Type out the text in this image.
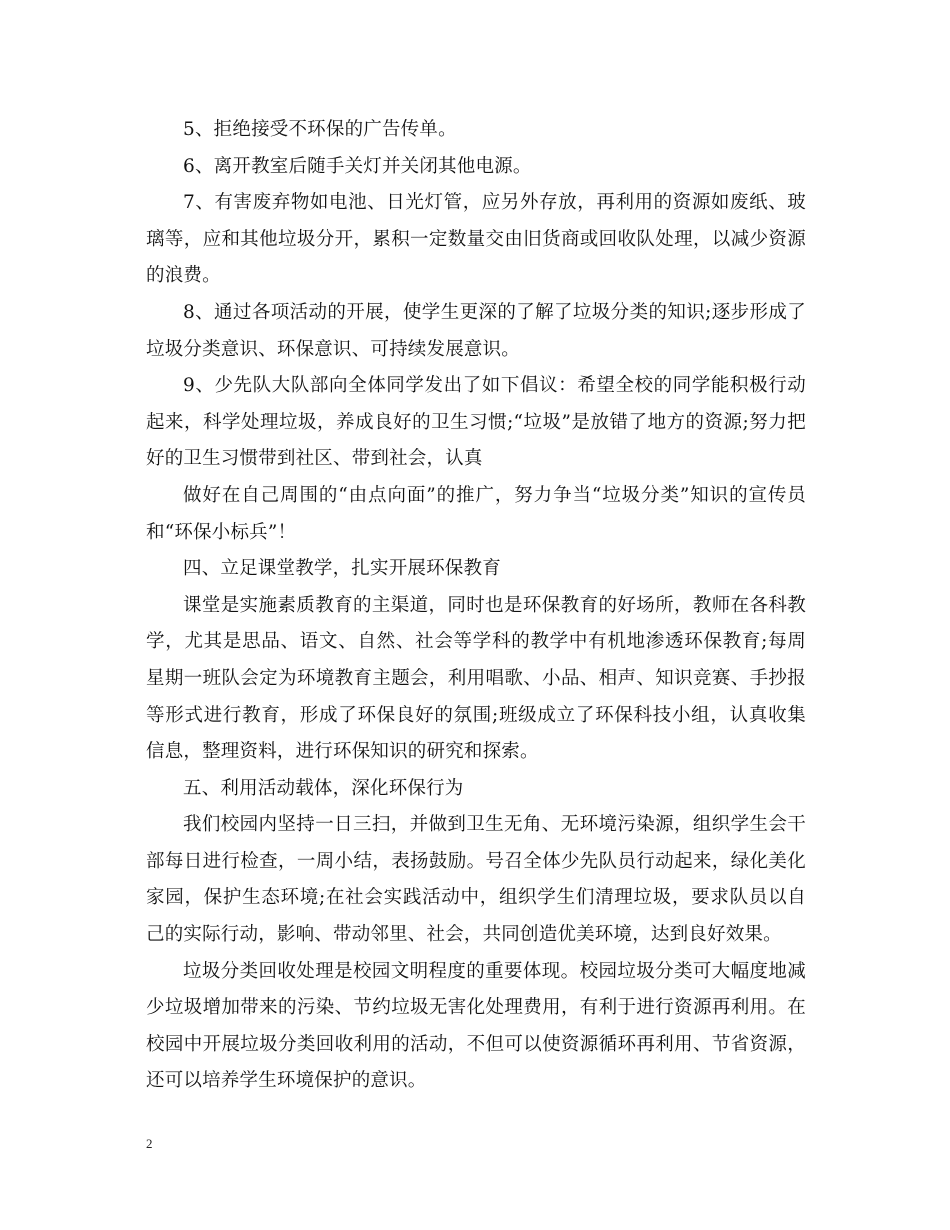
5、拒绝接受不环保的广告传单。

6、离开教室后随手关灯并关闭其他电源。

7、有害废弃物如电池、日光灯管，应另外存放，再利用的资源如废纸、玻璃等，应和其他垃圾分开，累积一定数量交由旧货商或回收队处理，以减少资源的浪费。

8、通过各项活动的开展，使学生更深的了解了垃圾分类的知识;逐步形成了垃圾分类意识、环保意识、可持续发展意识。

9、少先队大队部向全体同学发出了如下倡议：希望全校的同学能积极行动起来，科学处理垃圾，养成良好的卫生习惯;“垃圾”是放错了地方的资源;努力把好的卫生习惯带到社区、带到社会，认真

做好在自己周围的“由点向面”的推广，努力争当“垃圾分类”知识的宣传员和“环保小标兵”！

四、立足课堂教学，扎实开展环保教育

课堂是实施素质教育的主渠道，同时也是环保教育的好场所，教师在各科教学，尤其是思品、语文、自然、社会等学科的教学中有机地渗透环保教育;每周星期一班队会定为环境教育主题会，利用唱歌、小品、相声、知识竞赛、手抄报等形式进行教育，形成了环保良好的氛围;班级成立了环保科技小组，认真收集信息，整理资料，进行环保知识的研究和探索。

五、利用活动载体，深化环保行为

我们校园内坚持一日三扫，并做到卫生无角、无环境污染源，组织学生会干部每日进行检查，一周小结，表扬鼓励。号召全体少先队员行动起来，绿化美化家园，保护生态环境;在社会实践活动中，组织学生们清理垃圾，要求队员以自己的实际行动，影响、带动邻里、社会，共同创造优美环境，达到良好效果。

垃圾分类回收处理是校园文明程度的重要体现。校园垃圾分类可大幅度地减少垃圾增加带来的污染、节约垃圾无害化处理费用，有利于进行资源再利用。在校园中开展垃圾分类回收利用的活动，不但可以使资源循环再利用、节省资源，还可以培养学生环境保护的意识。

2
